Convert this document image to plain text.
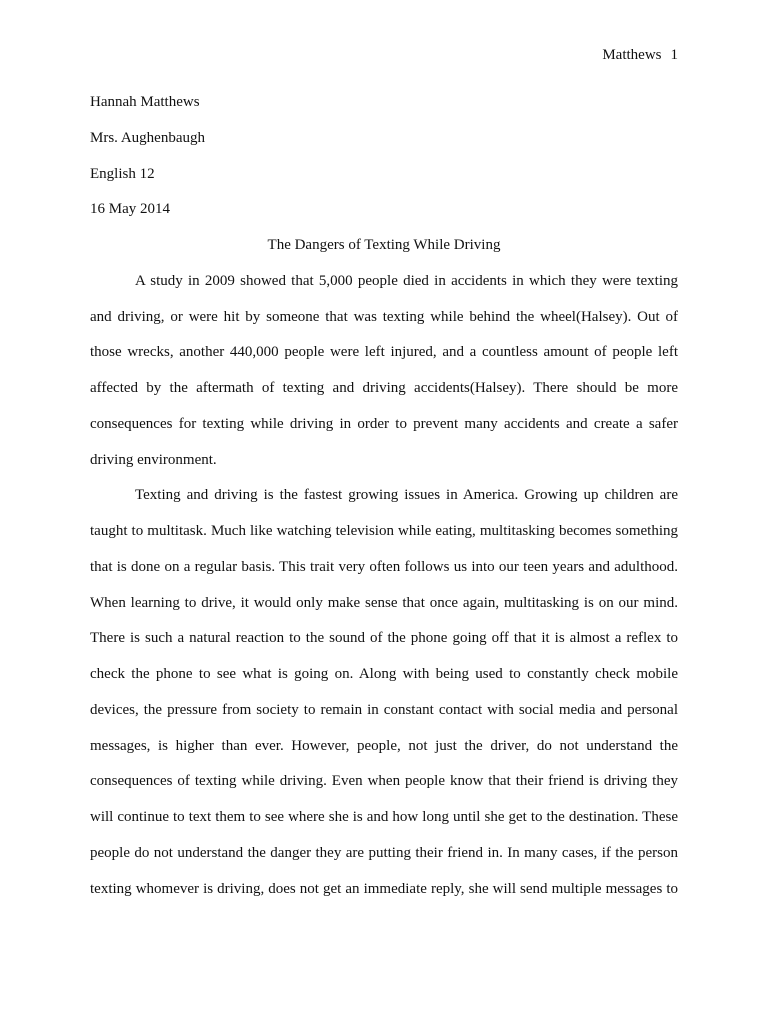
Matthews 1
Hannah Matthews
Mrs. Aughenbaugh
English 12
16 May 2014
The Dangers of Texting While Driving
A study in 2009 showed that 5,000 people died in accidents in which they were texting
and driving, or were hit by someone that was texting while behind the wheel(Halsey). Out of
those wrecks, another 440,000 people were left injured, and a countless amount of people left
affected by the aftermath of texting and driving accidents(Halsey). There should be more
consequences for texting while driving in order to prevent many accidents and create a safer
driving environment.
Texting and driving is the fastest growing issues in America. Growing up children are
taught to multitask. Much like watching television while eating, multitasking becomes something
that is done on a regular basis. This trait very often follows us into our teen years and adulthood.
When learning to drive, it would only make sense that once again, multitasking is on our mind.
There is such a natural reaction to the sound of the phone going off that it is almost a reflex to
check the phone to see what is going on. Along with being used to constantly check mobile
devices, the pressure from society to remain in constant contact with social media and personal
messages, is higher than ever. However, people, not just the driver, do not understand the
consequences of texting while driving. Even when people know that their friend is driving they
will continue to text them to see where she is and how long until she get to the destination. These
people do not understand the danger they are putting their friend in. In many cases, if the person
texting whomever is driving, does not get an immediate reply, she will send multiple messages to
